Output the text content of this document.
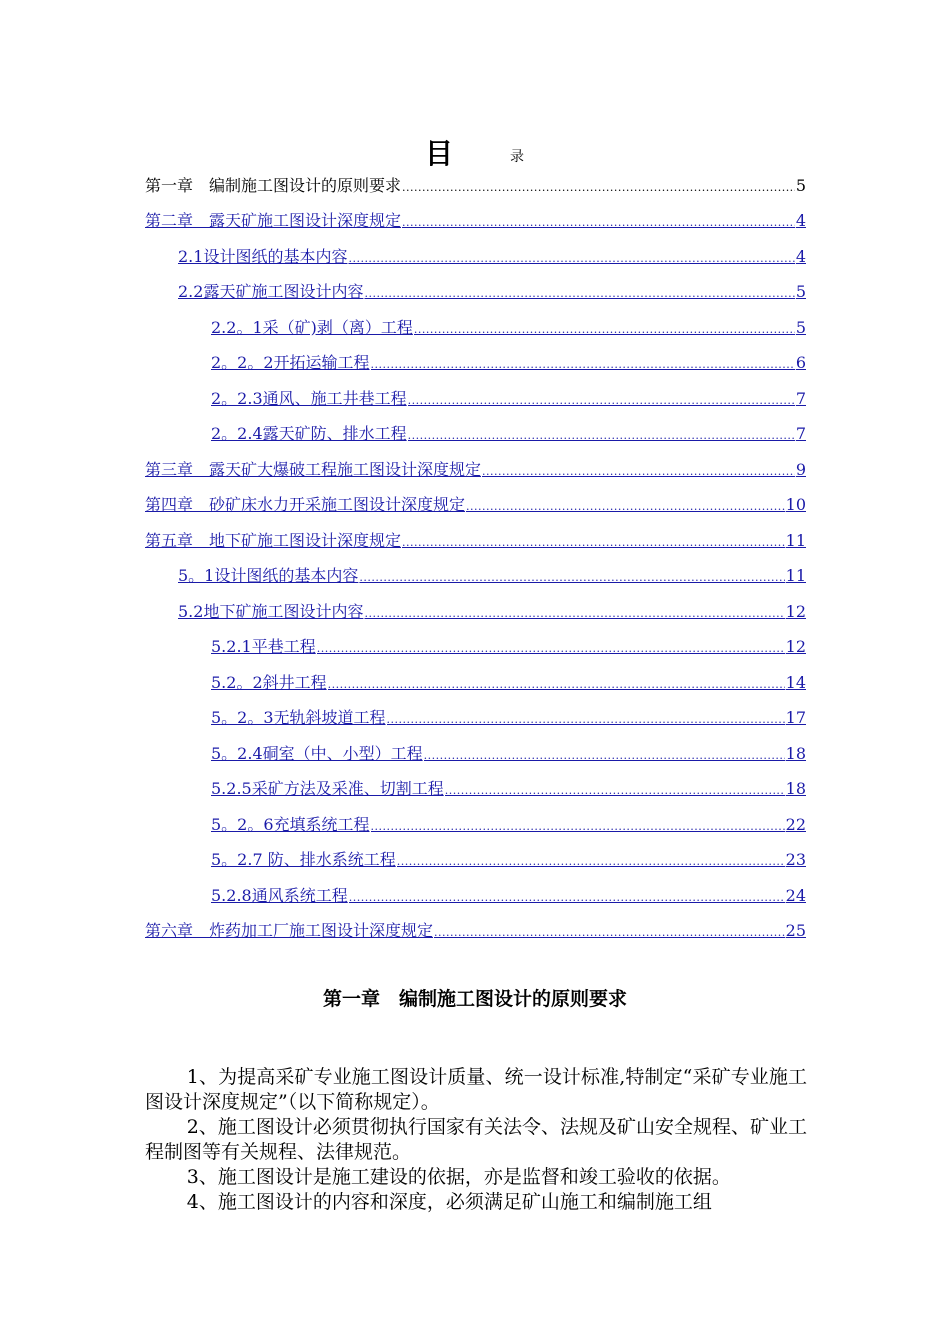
目	录
第一章　编制施工图设计的原则要求 .....	5
第二章　露天矿施工图设计深度规定 .....	4
2.1设计图纸的基本内容 .....	4
2.2露天矿施工图设计内容 .....	5
2.2。1采（矿)剥（离）工程 .....	5
2。2。2开拓运输工程 .....	6
2。2.3通风、施工井巷工程 .....	7
2。2.4露天矿防、排水工程 .....	7
第三章　露天矿大爆破工程施工图设计深度规定 .....	9
第四章　砂矿床水力开采施工图设计深度规定 .....	10
第五章　地下矿施工图设计深度规定 .....	11
5。1设计图纸的基本内容 .....	11
5.2地下矿施工图设计内容 .....	12
5.2.1平巷工程 .....	12
5.2。2斜井工程 .....	14
5。2。3无轨斜坡道工程 .....	17
5。2.4硐室（中、小型）工程 .....	18
5.2.5采矿方法及采准、切割工程 .....	18
5。2。6充填系统工程 .....	22
5。2.7 防、排水系统工程 .....	23
5.2.8通风系统工程 .....	24
第六章　炸药加工厂施工图设计深度规定 .....	25
第一章　编制施工图设计的原则要求

1、为提高采矿专业施工图设计质量、统一设计标准,特制定“采矿专业施工图设计深度规定”（以下简称规定）。

2、施工图设计必须贯彻执行国家有关法令、法规及矿山安全规程、矿业工程制图等有关规程、法律规范。

3、施工图设计是施工建设的依据，亦是监督和竣工验收的依据。

4、施工图设计的内容和深度，必须满足矿山施工和编制施工组
